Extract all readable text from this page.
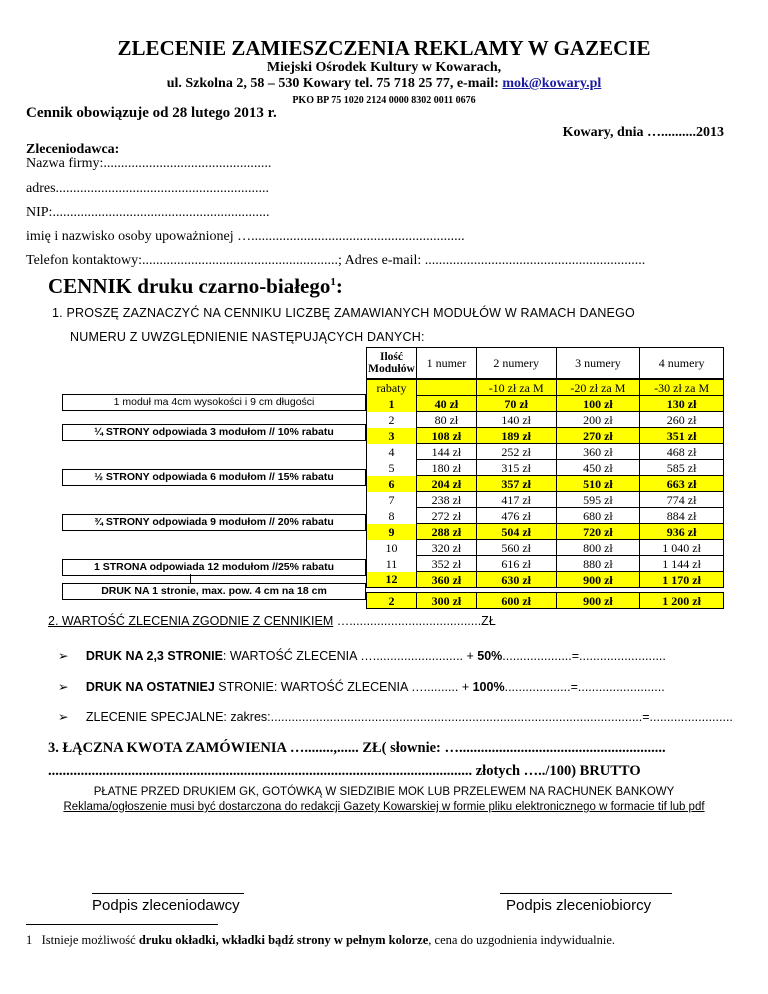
ZLECENIE ZAMIESZCZENIA REKLAMY W GAZECIE
Miejski Ośrodek Kultury w Kowarach,
ul. Szkolna 2, 58 – 530 Kowary tel. 75 718 25 77, e-mail: mok@kowary.pl
PKO BP 75 1020 2124 0000 8302 0011 0676
Cennik obowiązuje od 28 lutego 2013 r.
Kowary, dnia …..........2013
Zleceniodawca:
Nazwa firmy:................................................
adres.............................................................
NIP:..............................................................
imię i nazwisko osoby upoważnionej ….............................................................
Telefon kontaktowy:........................................................; Adres e-mail: ...............................................................
CENNIK druku czarno-białego$^1$:
1. PROSZĘ ZAZNACZYĆ NA CENNIKU LICZBĘ ZAMAWIANYCH MODUŁÓW W RAMACH DANEGO
NUMERU Z UWZGLĘDNIENIE NASTĘPUJĄCYCH DANYCH:
Ilość Modułów	1 numer	2 numery	3 numery	4 numery
rabaty		-10 zł za M	-20 zł za M	-30 zł za M
1	40 zł	70 zł	100 zł	130 zł
2	80 zł	140 zł	200 zł	260 zł
3	108 zł	189 zł	270 zł	351 zł
4	144 zł	252 zł	360 zł	468 zł
5	180 zł	315 zł	450 zł	585 zł
6	204 zł	357 zł	510 zł	663 zł
7	238 zł	417 zł	595 zł	774 zł
8	272 zł	476 zł	680 zł	884 zł
9	288 zł	504 zł	720 zł	936 zł
10	320 zł	560 zł	800 zł	1 040 zł
11	352 zł	616 zł	880 zł	1 144 zł
12	360 zł	630 zł	900 zł	1 170 zł

2	300 zł	600 zł	900 zł	1 200 zł
1 moduł ma 4cm wysokości i 9 cm długości
¼ STRONY odpowiada 3 modułom // 10% rabatu
½ STRONY odpowiada 6 modułom // 15% rabatu
¾ STRONY odpowiada 9 modułom // 20% rabatu
1 STRONA odpowiada 12 modułom //25% rabatu
DRUK NA 1 stronie, max. pow. 4 cm na 18 cm
2. WARTOŚĆ ZLECENIA ZGODNIE Z CENNIKIEM …......................................ZŁ
➢ DRUK NA 2,3 STRONIE: WARTOŚĆ ZLECENIA ….......................... + 50%....................=.........................
➢ DRUK NA OSTATNIEJ STRONIE: WARTOŚĆ ZLECENIA ….......... + 100%...................=.........................
➢ ZLECENIE SPECJALNE: zakres:...........................................................................................................=........................
3. ŁĄCZNA KWOTA ZAMÓWIENIA …........,...... ZŁ( słownie: ….........................................................
..................................................................................................................... złotych …../100) BRUTTO
PŁATNE PRZED DRUKIEM GK, GOTÓWKĄ W SIEDZIBIE MOK LUB PRZELEWEM NA RACHUNEK BANKOWY
Reklama/ogłoszenie musi być dostarczona do redakcji Gazety Kowarskiej w formie pliku elektronicznego w formacie tif lub pdf
Podpis zleceniodawcy	Podpis zleceniobiorcy
1 Istnieje możliwość druku okładki, wkładki bądź strony w pełnym kolorze, cena do uzgodnienia indywidualnie.
